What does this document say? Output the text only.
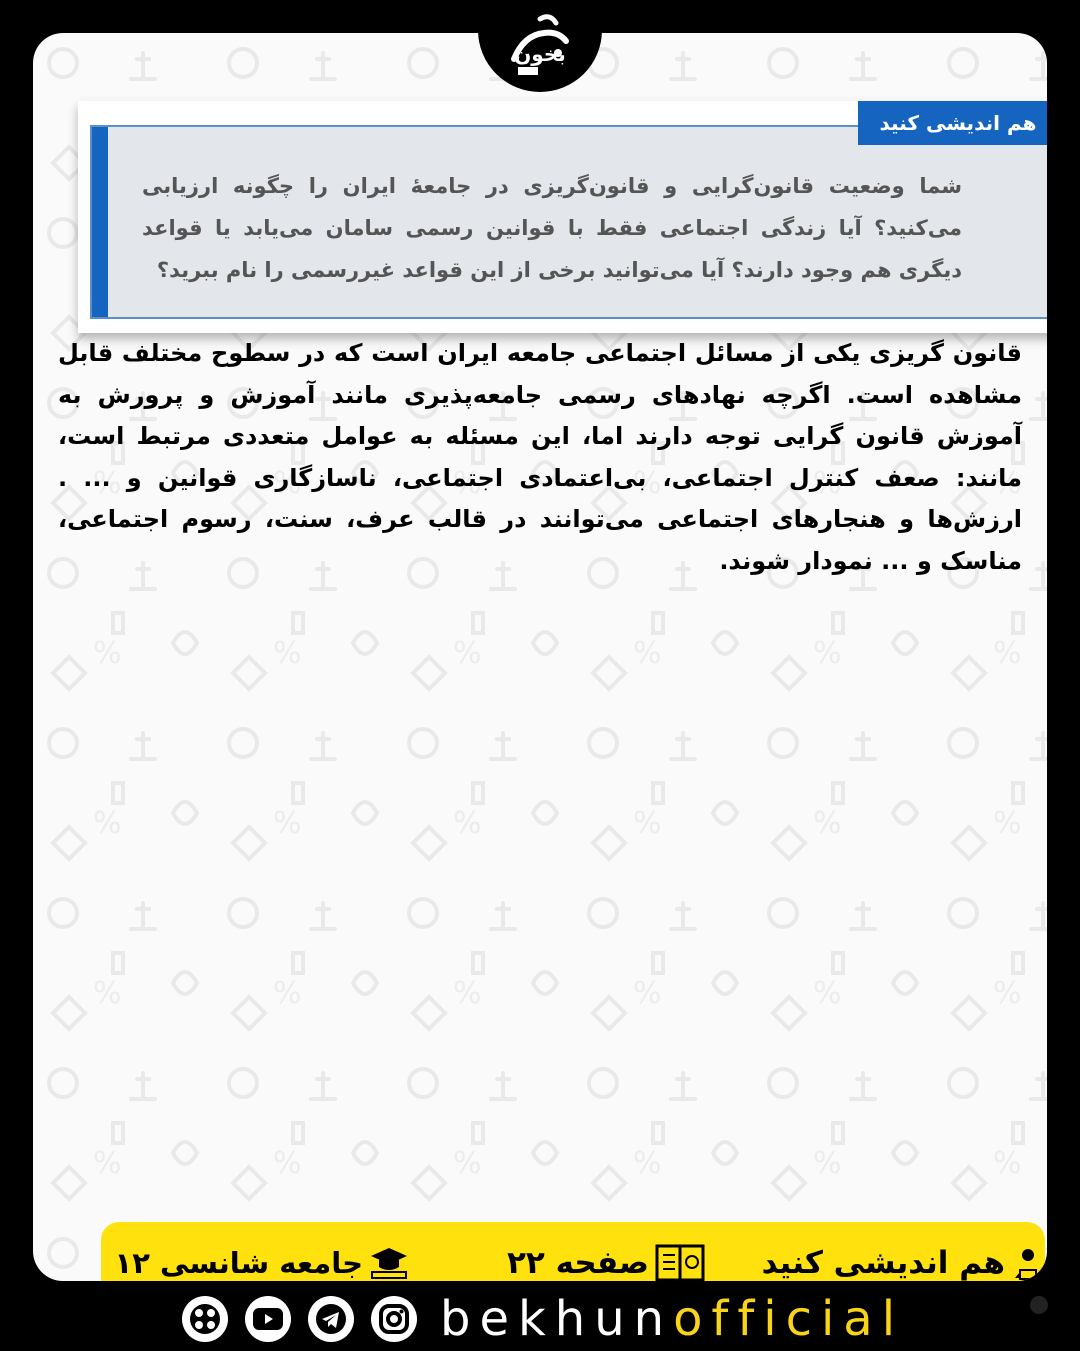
هم اندیشی کنید
شما وضعیت قانون‌گرایی و قانون‌گریزی در جامعهٔ ایران را چگونه ارزیابی می‌کنید؟ آیا زندگی اجتماعی فقط با قوانین رسمی سامان می‌یابد یا قواعد دیگری هم وجود دارند؟ آیا می‌توانید برخی از این قواعد غیررسمی را نام ببرید؟
هم اندیشی کنید
صفحه ۲۲
جامعه شانسی ۱۲
بخون
قانون گریزی یکی از مسائل اجتماعی جامعه ایران است که در سطوح مختلف قابل مشاهده است. اگرچه نهادهای رسمی جامعه‌پذیری مانند آموزش و پرورش به آموزش قانون گرایی توجه دارند اما، این مسئله به عوامل متعددی مرتبط است، مانند: صعف کنترل اجتماعی، بی‌اعتمادی اجتماعی، ناسازگاری قوانین و ... . ارزش‌ها و هنجارهای اجتماعی می‌توانند در قالب عرف، سنت، رسوم اجتماعی، مناسک و ... نمودار شوند.
bekhunofficial
